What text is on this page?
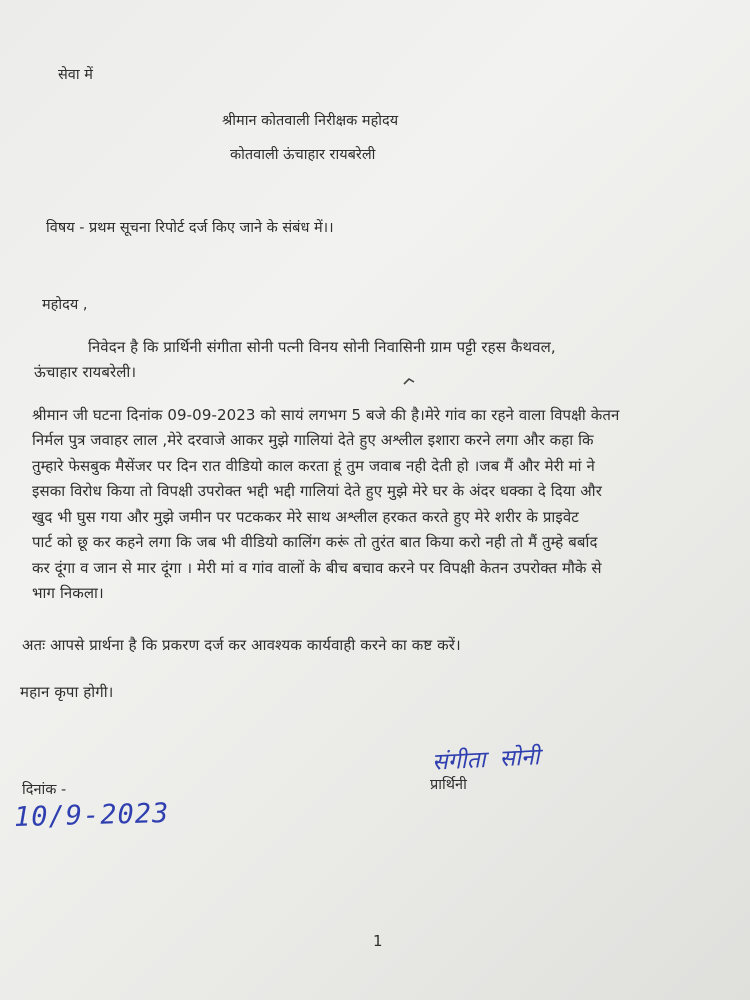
सेवा में
श्रीमान कोतवाली निरीक्षक महोदय
कोतवाली ऊंचाहार रायबरेली
विषय - प्रथम सूचना रिपोर्ट दर्ज किए जाने के संबंध में।।
महोदय ,
निवेदन है कि प्रार्थिनी संगीता सोनी पत्नी विनय सोनी निवासिनी ग्राम पट्टी रहस कैथवल,
ऊंचाहार रायबरेली।
श्रीमान जी घटना दिनांक 09-09-2023 को सायं लगभग 5 बजे की है।मेरे गांव का रहने वाला विपक्षी केतन
निर्मल पुत्र जवाहर लाल ,मेरे दरवाजे आकर मुझे गालियां देते हुए अश्लील इशारा करने लगा और कहा कि
तुम्हारे फेसबुक मैसेंजर पर दिन रात वीडियो काल करता हूं तुम जवाब नही देती हो ।जब मैं और मेरी मां ने
इसका विरोध किया तो विपक्षी उपरोक्त भद्दी भद्दी गालियां देते हुए मुझे मेरे घर के अंदर धक्का दे दिया और
खुद भी घुस गया और मुझे जमीन पर पटककर मेरे साथ अश्लील हरकत करते हुए मेरे शरीर के प्राइवेट
पार्ट को छू कर कहने लगा कि जब भी वीडियो कालिंग करूं तो तुरंत बात किया करो नही तो मैं तुम्हे बर्बाद
कर दूंगा व जान से मार दूंगा । मेरी मां व गांव वालों के बीच बचाव करने पर विपक्षी केतन उपरोक्त मौके से
भाग निकला।
अतः आपसे प्रार्थना है कि प्रकरण दर्ज कर आवश्यक कार्यवाही करने का कष्ट करें।
महान कृपा होगी।
संगीता सोनी
प्रार्थिनी
दिनांक -
10/9-2023
1
